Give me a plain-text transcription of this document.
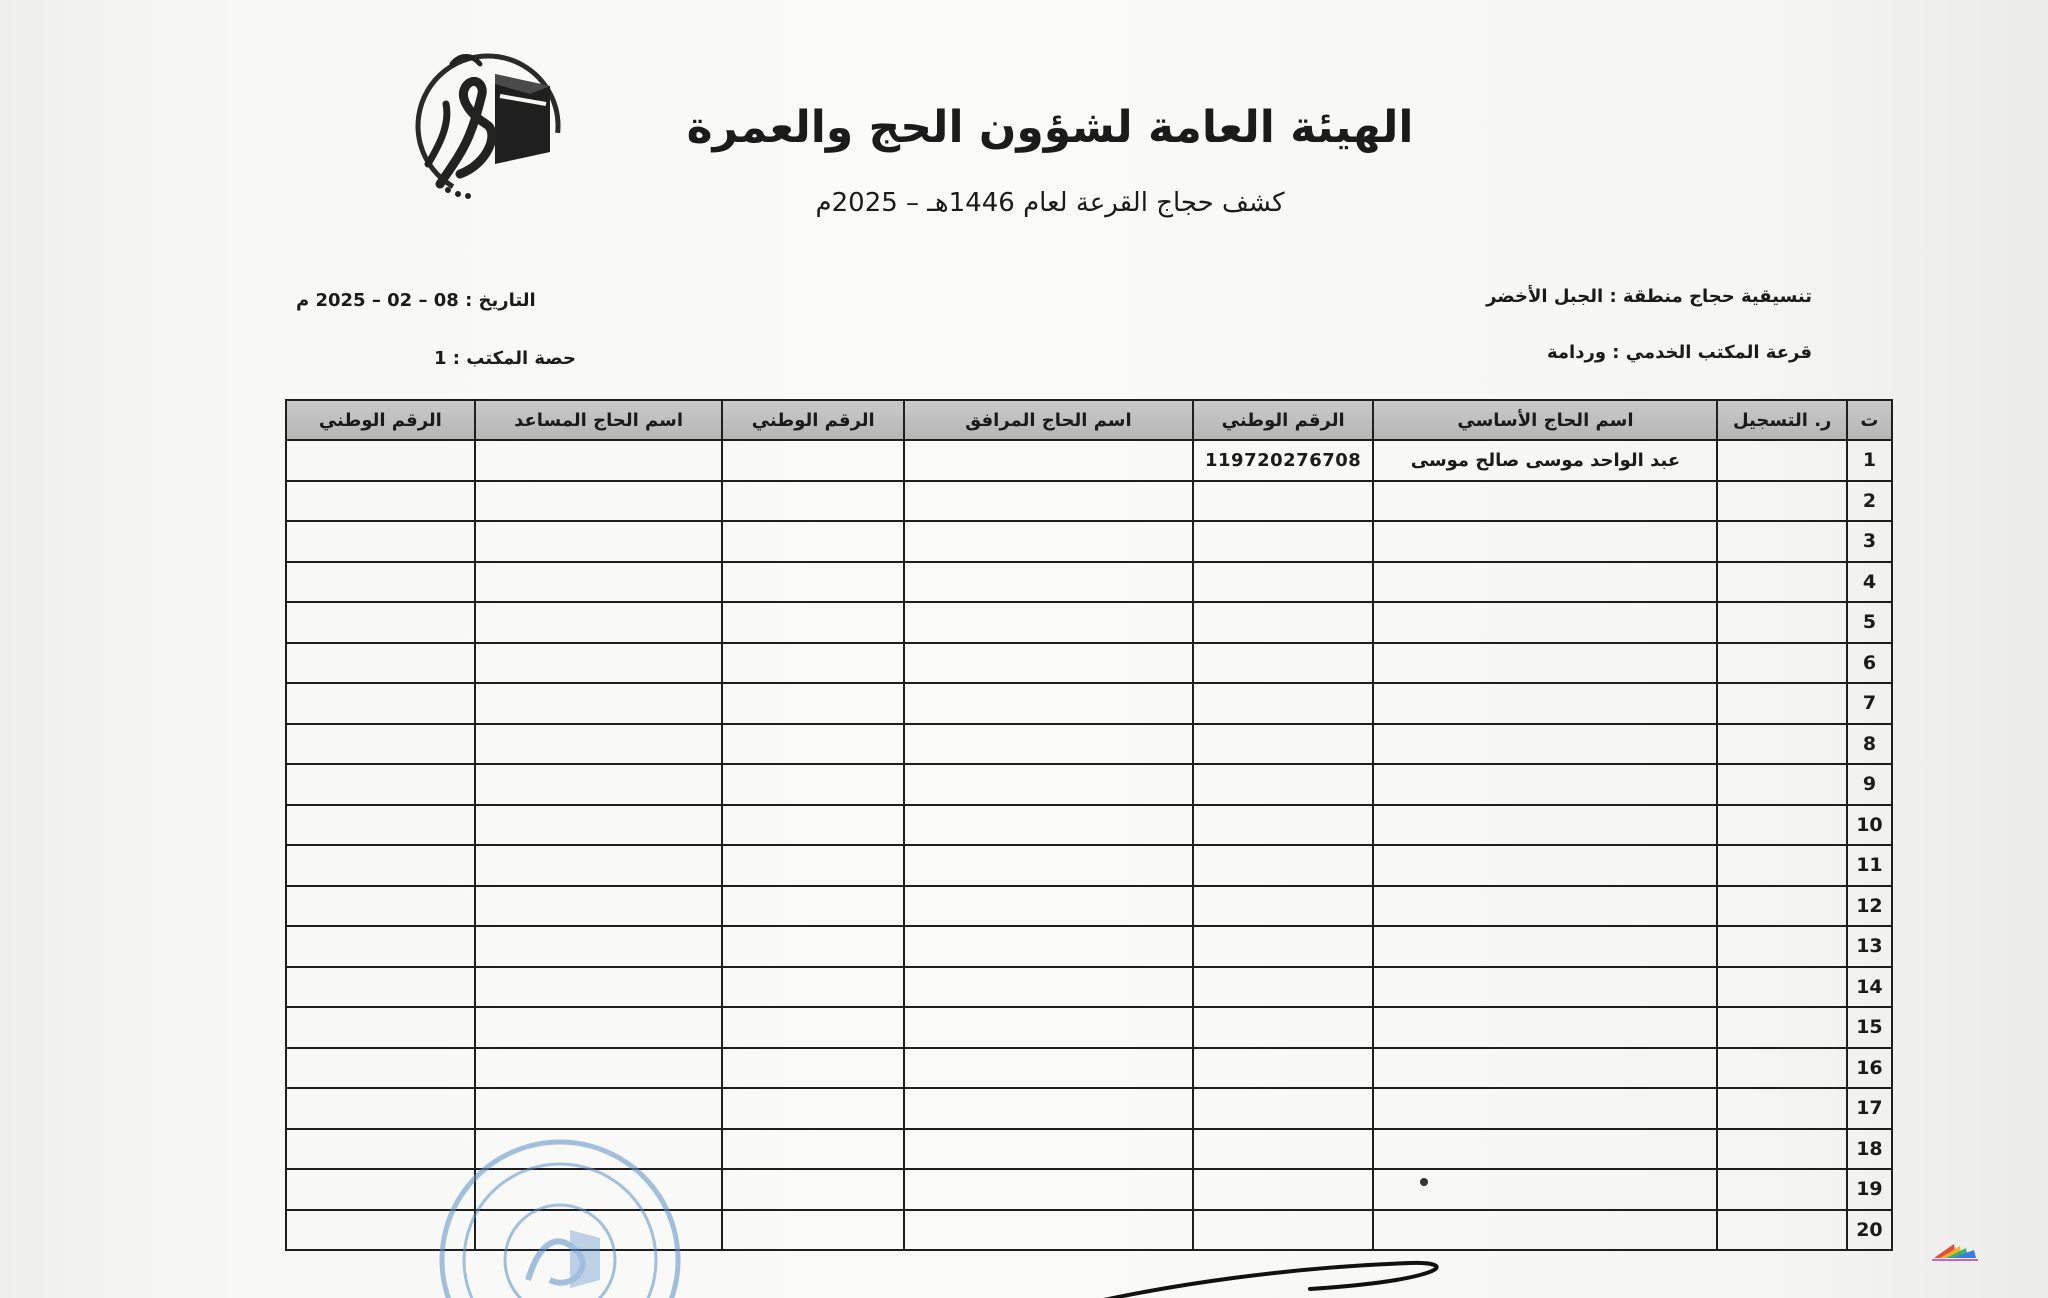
الهيئة العامة لشؤون الحج والعمرة
كشف حجاج القرعة لعام 1446هـ – 2025م
تنسيقية حجاج منطقة : الجبل الأخضر
قرعة المكتب الخدمي : وردامة
التاريخ : 08 – 02 – 2025 م
حصة المكتب : 1
ت	ر. التسجيل	اسم الحاج الأساسي	الرقم الوطني	اسم الحاج المرافق	الرقم الوطني	اسم الحاج المساعد	الرقم الوطني
1		عبد الواحد موسى صالح موسى	119720276708				
2							
3							
4							
5							
6							
7							
8							
9							
10							
11							
12							
13							
14							
15							
16							
17							
18							
19							
20							
